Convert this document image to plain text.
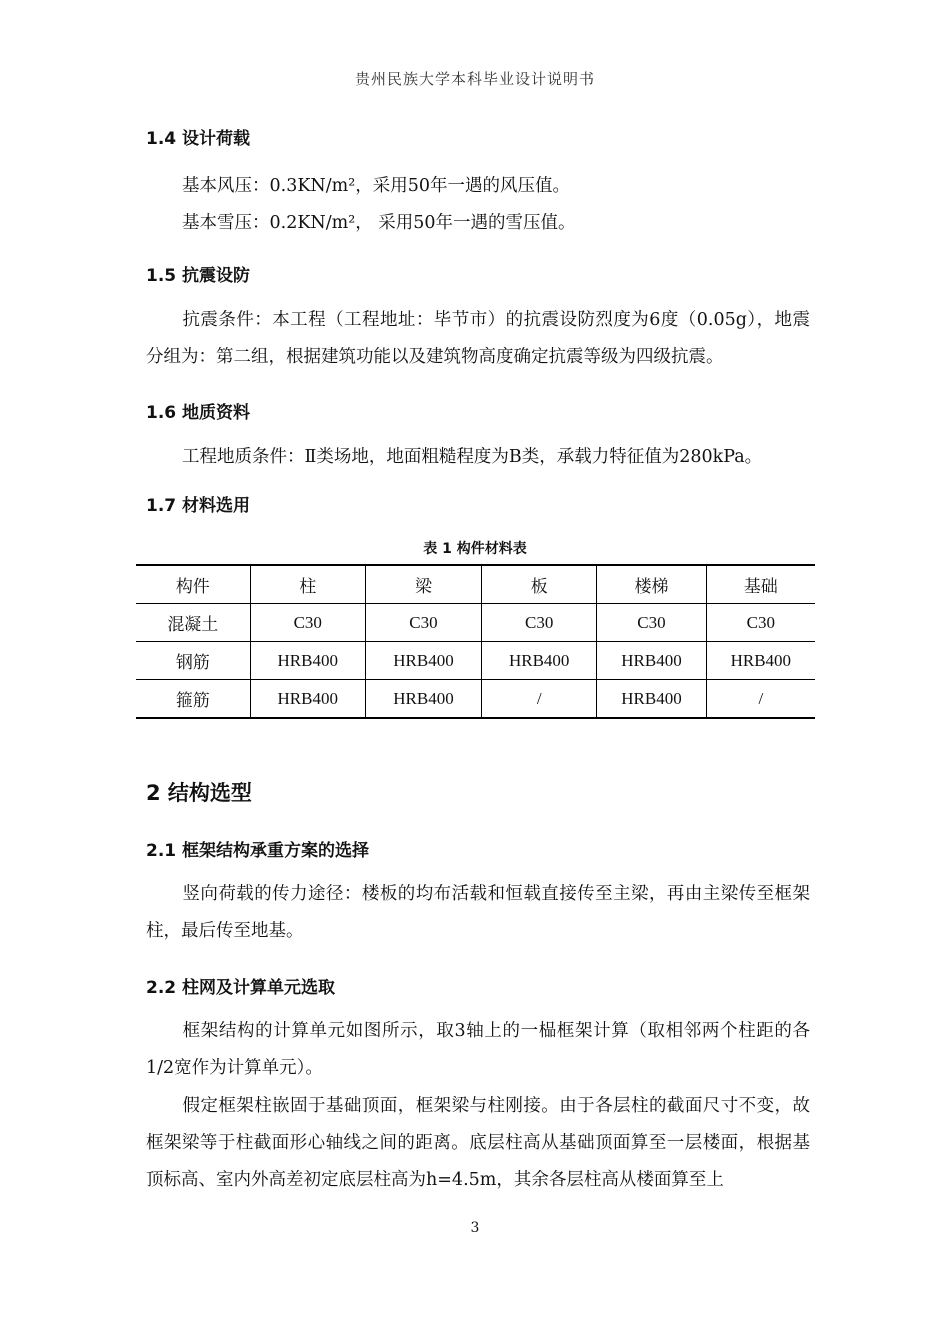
贵州民族大学本科毕业设计说明书
1.4 设计荷载
基本风压：0.3KN/m²，采用50年一遇的风压值。
基本雪压：0.2KN/m²， 采用50年一遇的雪压值。
1.5 抗震设防
抗震条件：本工程（工程地址：毕节市）的抗震设防烈度为6度（0.05g），地震分组为：第二组，根据建筑功能以及建筑物高度确定抗震等级为四级抗震。
1.6 地质资料
工程地质条件：Ⅱ类场地，地面粗糙程度为B类，承载力特征值为280kPa。
1.7 材料选用
表 1 构件材料表
构件	柱	梁	板	楼梯	基础
混凝土	C30	C30	C30	C30	C30
钢筋	HRB400	HRB400	HRB400	HRB400	HRB400
箍筋	HRB400	HRB400	/	HRB400	/
2 结构选型
2.1 框架结构承重方案的选择
竖向荷载的传力途径：楼板的均布活载和恒载直接传至主梁，再由主梁传至框架柱，最后传至地基。
2.2 柱网及计算单元选取
框架结构的计算单元如图所示，取3轴上的一榀框架计算（取相邻两个柱距的各1/2宽作为计算单元）。
假定框架柱嵌固于基础顶面，框架梁与柱刚接。由于各层柱的截面尺寸不变，故框架梁等于柱截面形心轴线之间的距离。底层柱高从基础顶面算至一层楼面，根据基顶标高、室内外高差初定底层柱高为h=4.5m，其余各层柱高从楼面算至上
3
